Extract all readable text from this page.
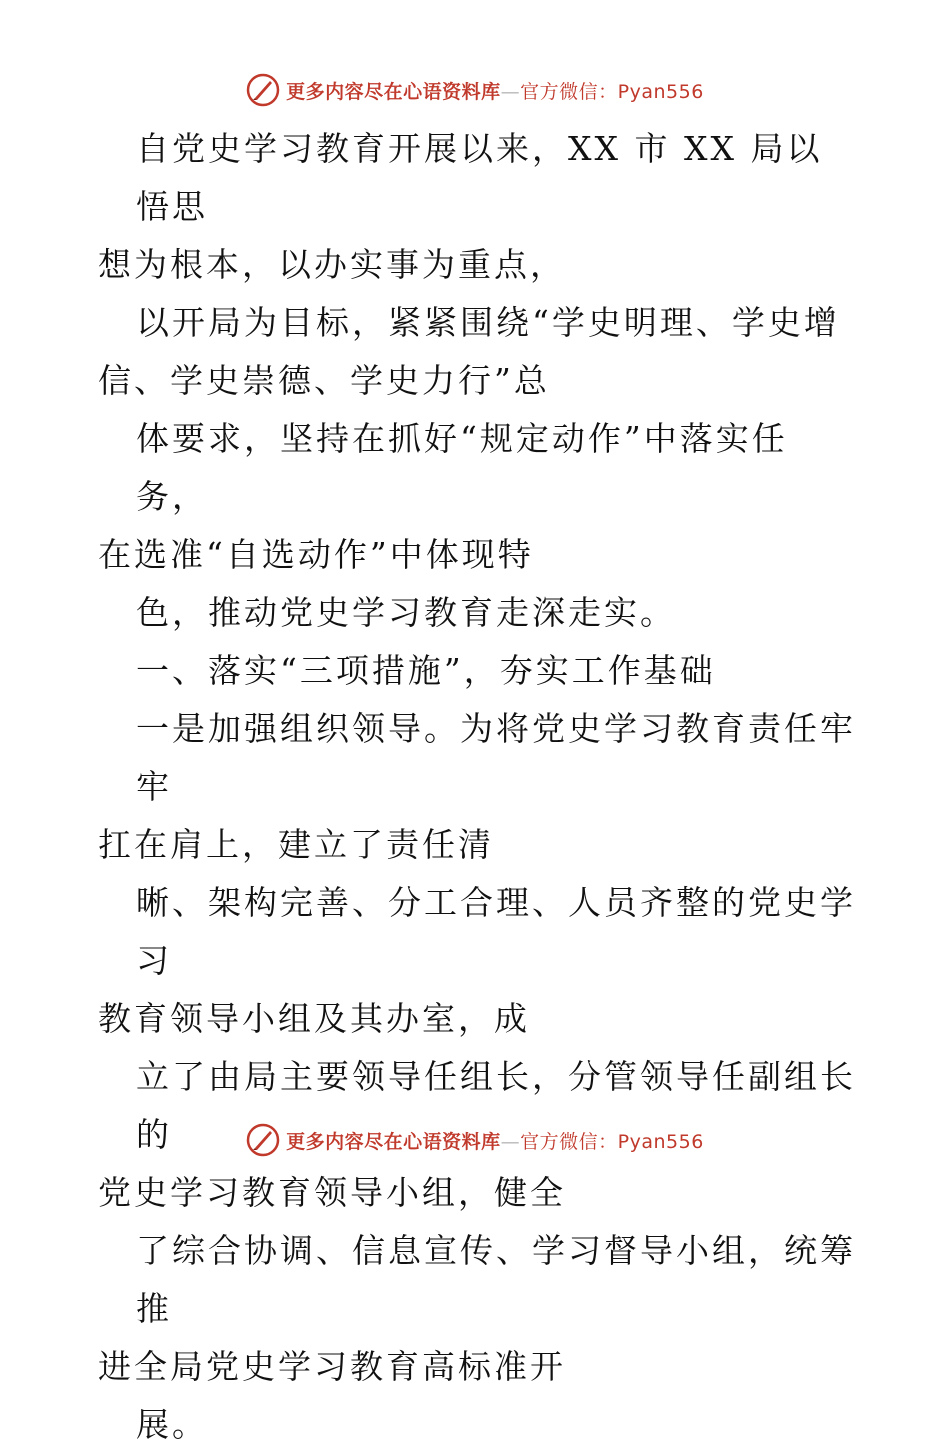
更多内容尽在心语资料库—官方微信：Pyan556

自党史学习教育开展以来，XX 市 XX 局以悟思
想为根本，以办实事为重点，
以开局为目标，紧紧围绕“学史明理、学史增
信、学史崇德、学史力行”总
体要求，坚持在抓好“规定动作”中落实任务，
在选准“自选动作”中体现特
色，推动党史学习教育走深走实。
一、落实“三项措施”，夯实工作基础
一是加强组织领导。为将党史学习教育责任牢牢
扛在肩上，建立了责任清
晰、架构完善、分工合理、人员齐整的党史学习
教育领导小组及其办室，成
立了由局主要领导任组长，分管领导任副组长的
党史学习教育领导小组，健全
了综合协调、信息宣传、学习督导小组，统筹推
进全局党史学习教育高标准开
展。

更多内容尽在心语资料库—官方微信：Pyan556
